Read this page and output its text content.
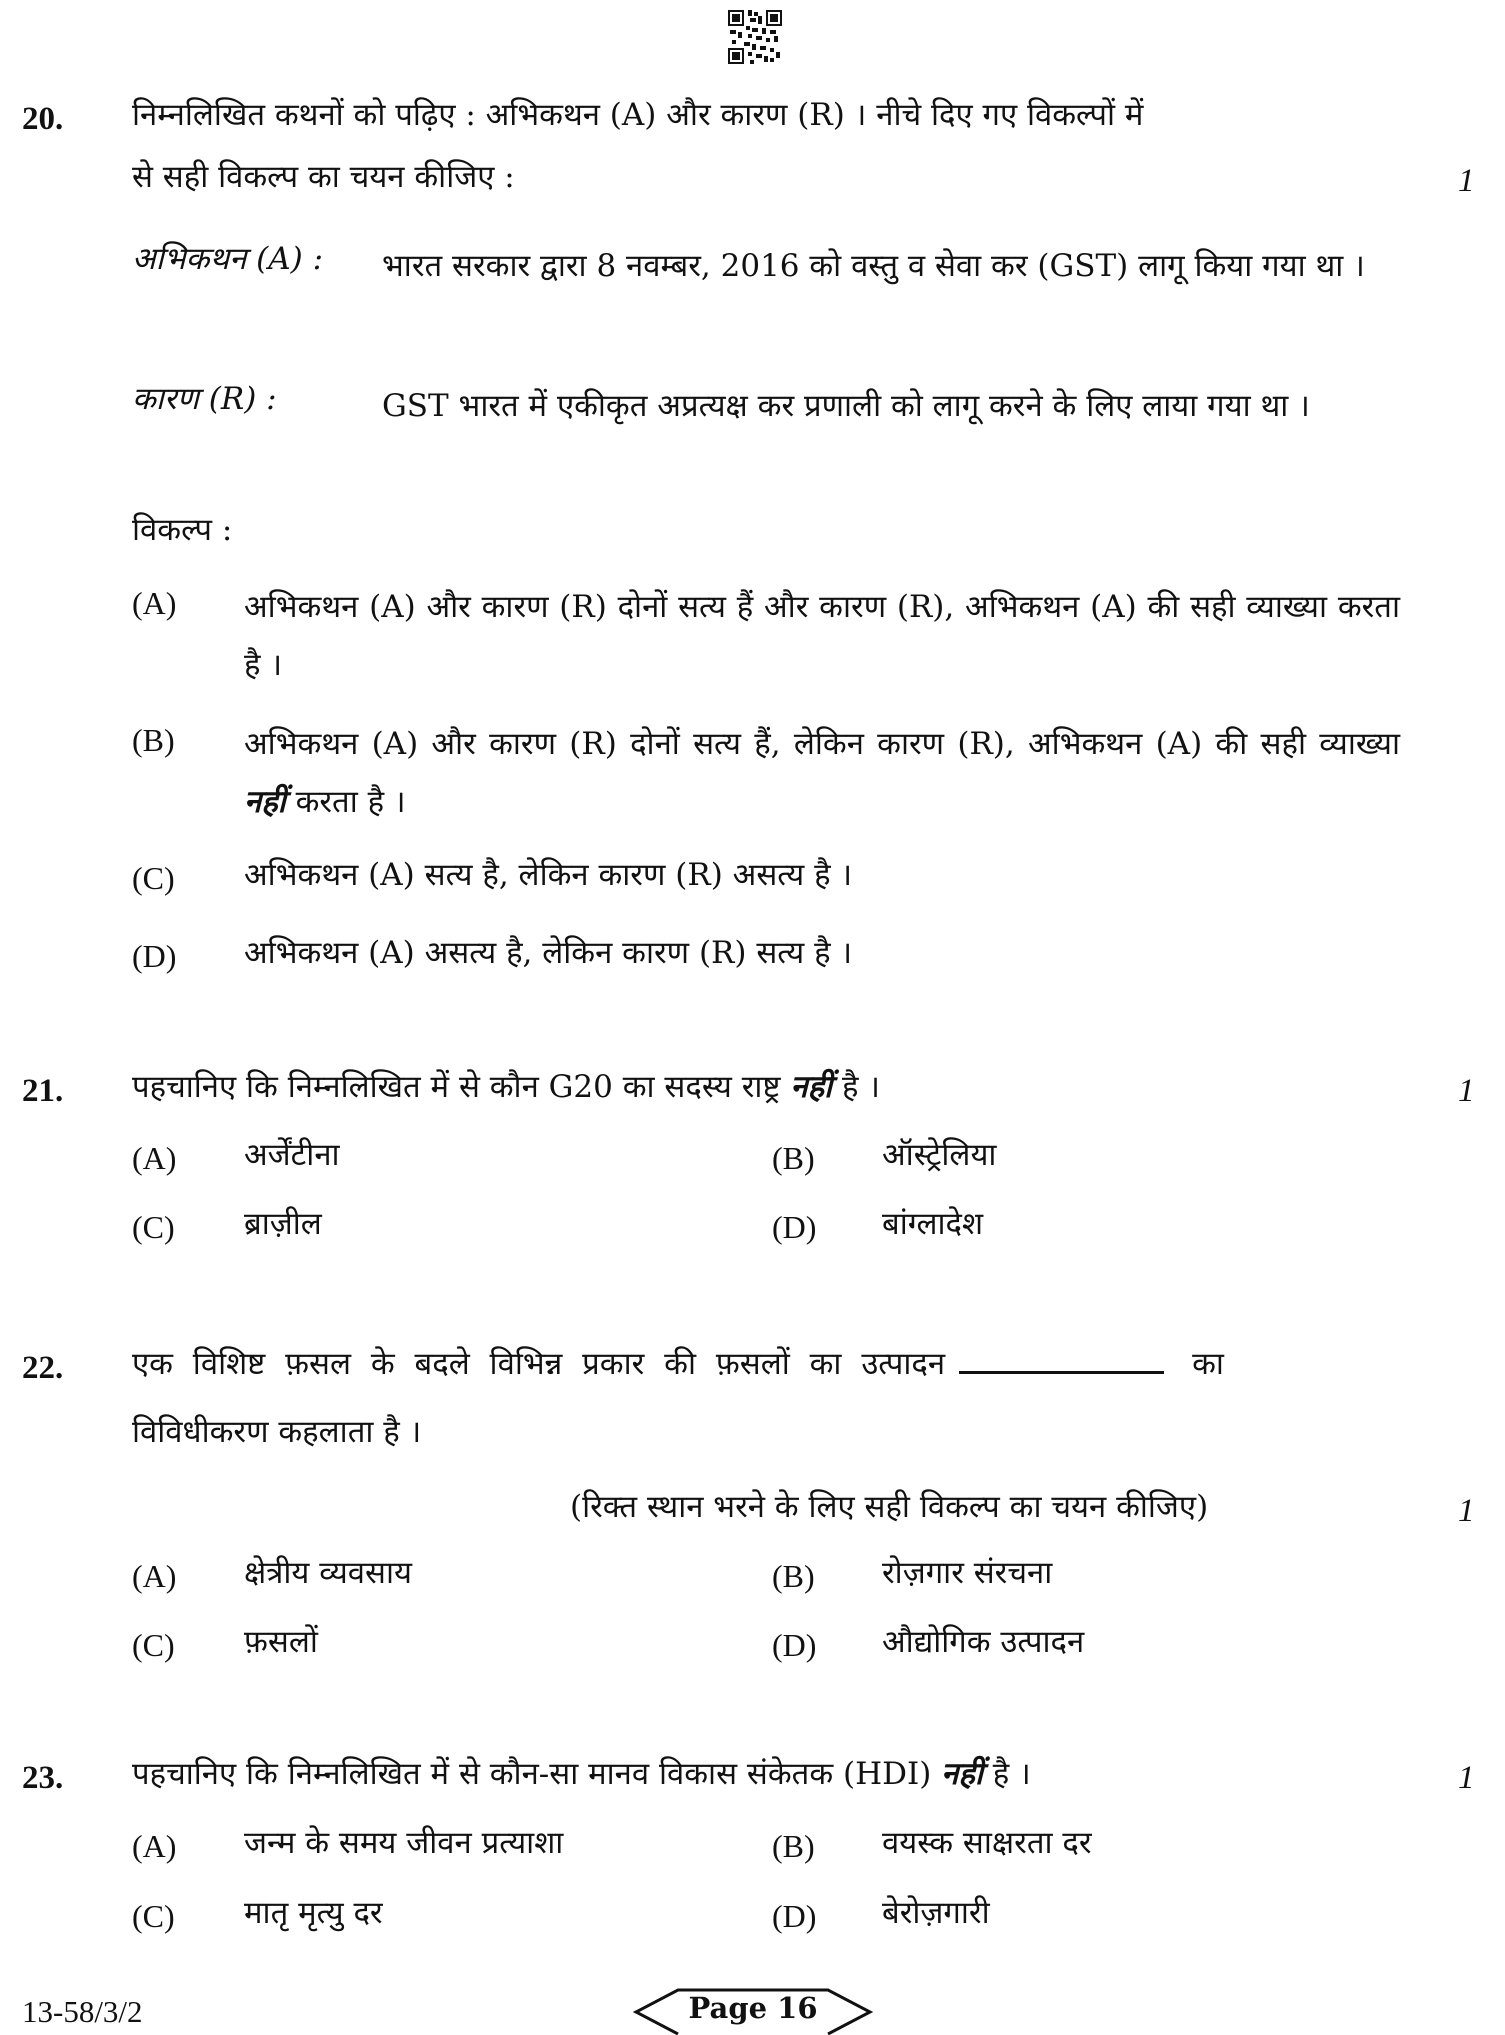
20. निम्नलिखित कथनों को पढ़िए : अभिकथन (A) और कारण (R) । नीचे दिए गए विकल्पों में
से सही विकल्प का चयन कीजिए :	1
अभिकथन (A) : भारत सरकार द्वारा 8 नवम्बर, 2016 को वस्तु व सेवा कर (GST) लागू किया गया था ।
कारण (R) :	GST भारत में एकीकृत अप्रत्यक्ष कर प्रणाली को लागू करने के लिए लाया गया था ।
विकल्प :
(A) अभिकथन (A) और कारण (R) दोनों सत्य हैं और कारण (R), अभिकथन (A) की सही व्याख्या करता है ।
(B) अभिकथन (A) और कारण (R) दोनों सत्य हैं, लेकिन कारण (R), अभिकथन (A) की सही व्याख्या नहीं करता है ।
(C) अभिकथन (A) सत्य है, लेकिन कारण (R) असत्य है ।
(D) अभिकथन (A) असत्य है, लेकिन कारण (R) सत्य है ।
21. पहचानिए कि निम्नलिखित में से कौन G20 का सदस्य राष्ट्र नहीं है ।	1
(A) अर्जेंटीना	(B) ऑस्ट्रेलिया
(C) ब्राज़ील	(D) बांग्लादेश
22. एक विशिष्ट फ़सल के बदले विभिन्न प्रकार की फ़सलों का उत्पादन	का
विविधीकरण कहलाता है ।
(रिक्त स्थान भरने के लिए सही विकल्प का चयन कीजिए)	1
(A) क्षेत्रीय व्यवसाय	(B) रोज़गार संरचना
(C) फ़सलों	(D) औद्योगिक उत्पादन
23. पहचानिए कि निम्नलिखित में से कौन-सा मानव विकास संकेतक (HDI) नहीं है ।	1
(A) जन्म के समय जीवन प्रत्याशा	(B) वयस्क साक्षरता दर
(C) मातृ मृत्यु दर	(D) बेरोज़गारी
13-58/3/2	Page 16
